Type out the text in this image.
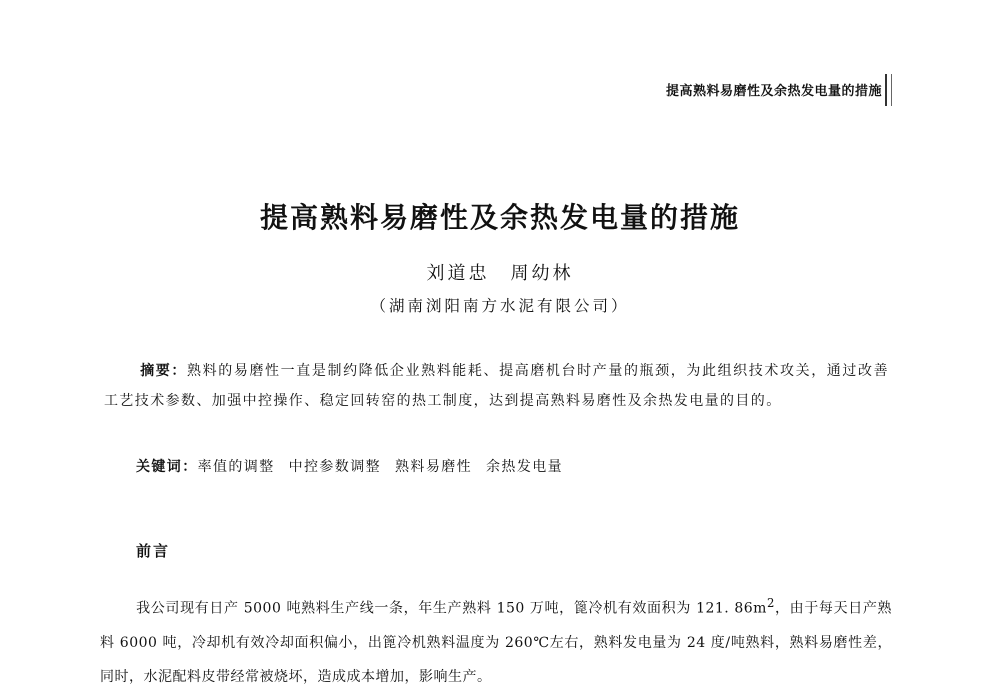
提高熟料易磨性及余热发电量的措施
提高熟料易磨性及余热发电量的措施
刘道忠　周幼林
（湖南浏阳南方水泥有限公司）
摘要：熟料的易磨性一直是制约降低企业熟料能耗、提高磨机台时产量的瓶颈，为此组织技术攻关，通过改善工艺技术参数、加强中控操作、稳定回转窑的热工制度，达到提高熟料易磨性及余热发电量的目的。
关键词：率值的调整 中控参数调整 熟料易磨性 余热发电量
前言
我公司现有日产 5000 吨熟料生产线一条，年生产熟料 150 万吨，篦冷机有效面积为 121. $86m^2$，由于每天日产熟料 6000 吨，冷却机有效冷却面积偏小，出篦冷机熟料温度为 260℃左右，熟料发电量为 24 度/吨熟料，熟料易磨性差，同时，水泥配料皮带经常被烧坏，造成成本增加，影响生产。
